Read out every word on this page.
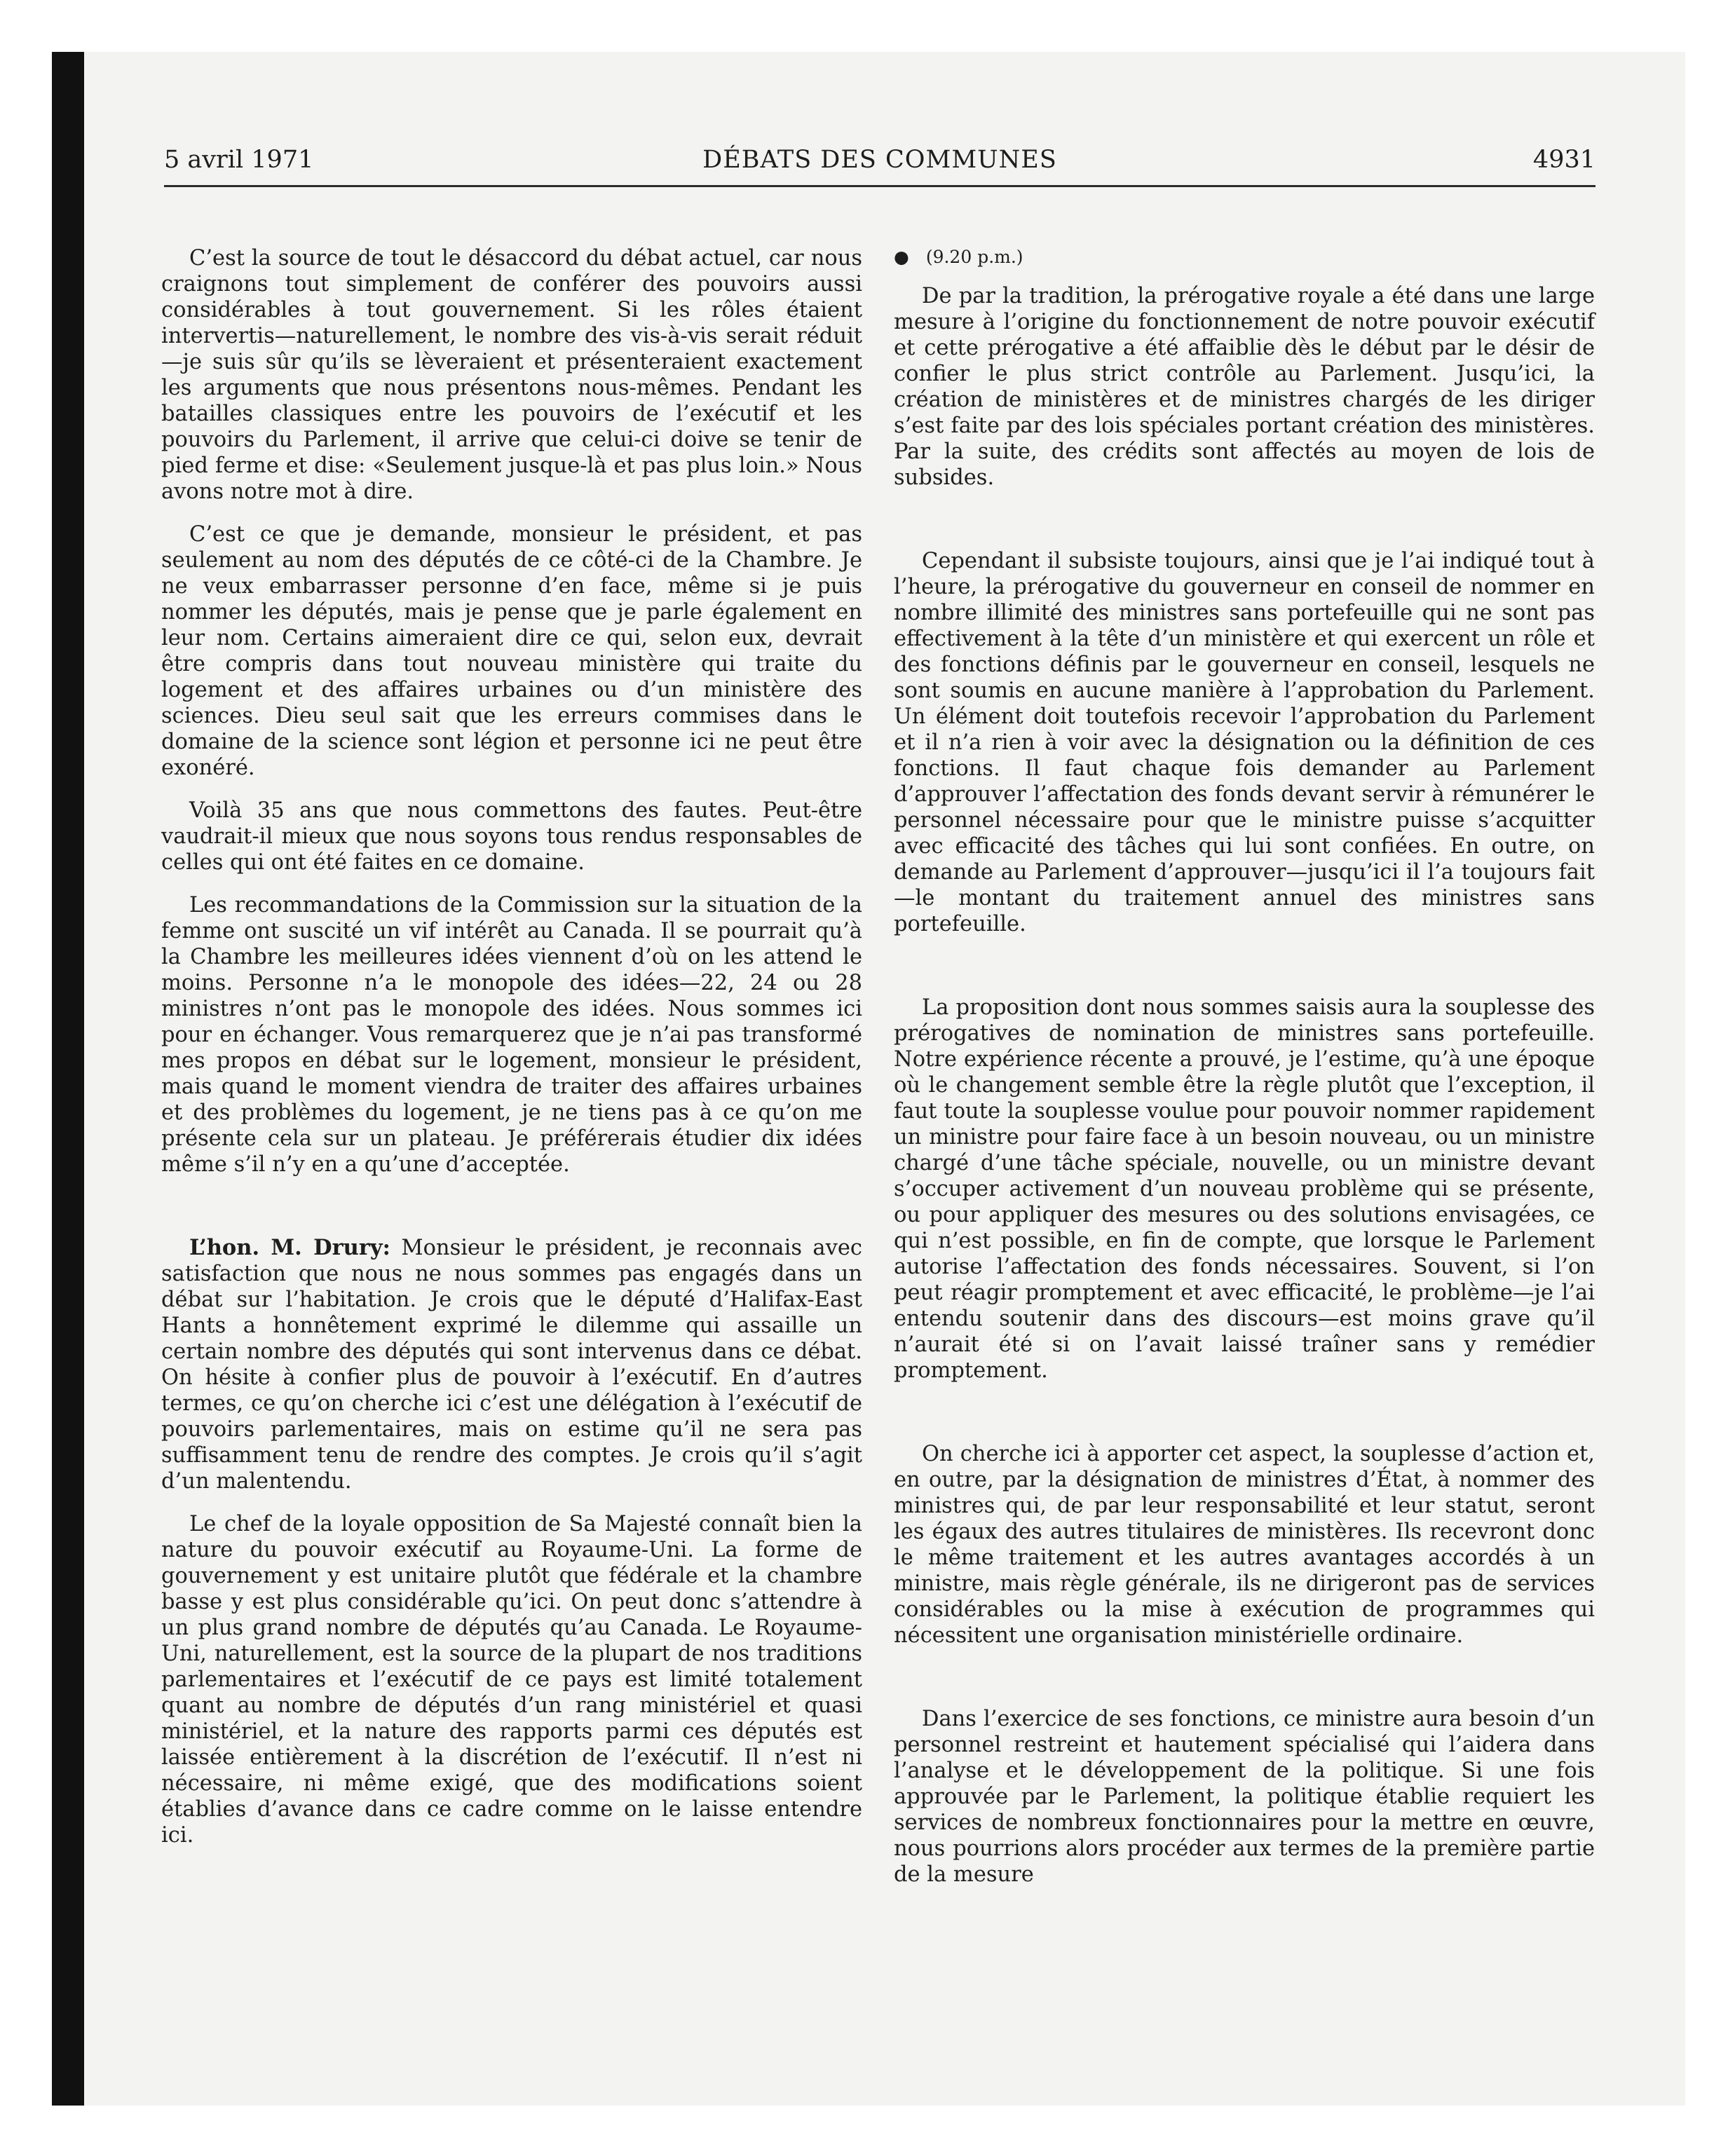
5 avril 1971	DÉBATS DES COMMUNES	4931

C’est la source de tout le désaccord du débat actuel, car nous craignons tout simplement de conférer des pouvoirs aussi considérables à tout gouvernement. Si les rôles étaient intervertis—naturellement, le nombre des vis-à-vis serait réduit—je suis sûr qu’ils se lèveraient et présenteraient exactement les arguments que nous présentons nous-mêmes. Pendant les batailles classiques entre les pouvoirs de l’exécutif et les pouvoirs du Parlement, il arrive que celui-ci doive se tenir de pied ferme et dise: «Seulement jusque-là et pas plus loin.» Nous avons notre mot à dire.

C’est ce que je demande, monsieur le président, et pas seulement au nom des députés de ce côté-ci de la Chambre. Je ne veux embarrasser personne d’en face, même si je puis nommer les députés, mais je pense que je parle également en leur nom. Certains aimeraient dire ce qui, selon eux, devrait être compris dans tout nouveau ministère qui traite du logement et des affaires urbaines ou d’un ministère des sciences. Dieu seul sait que les erreurs commises dans le domaine de la science sont légion et personne ici ne peut être exonéré.

Voilà 35 ans que nous commettons des fautes. Peut-être vaudrait-il mieux que nous soyons tous rendus responsables de celles qui ont été faites en ce domaine.

Les recommandations de la Commission sur la situation de la femme ont suscité un vif intérêt au Canada. Il se pourrait qu’à la Chambre les meilleures idées viennent d’où on les attend le moins. Personne n’a le monopole des idées—22, 24 ou 28 ministres n’ont pas le monopole des idées. Nous sommes ici pour en échanger. Vous remarquerez que je n’ai pas transformé mes propos en débat sur le logement, monsieur le président, mais quand le moment viendra de traiter des affaires urbaines et des problèmes du logement, je ne tiens pas à ce qu’on me présente cela sur un plateau. Je préférerais étudier dix idées même s’il n’y en a qu’une d’acceptée.

L’hon. M. Drury: Monsieur le président, je reconnais avec satisfaction que nous ne nous sommes pas engagés dans un débat sur l’habitation. Je crois que le député d’Halifax-East Hants a honnêtement exprimé le dilemme qui assaille un certain nombre des députés qui sont intervenus dans ce débat. On hésite à confier plus de pouvoir à l’exécutif. En d’autres termes, ce qu’on cherche ici c’est une délégation à l’exécutif de pouvoirs parlementaires, mais on estime qu’il ne sera pas suffisamment tenu de rendre des comptes. Je crois qu’il s’agit d’un malentendu.

Le chef de la loyale opposition de Sa Majesté connaît bien la nature du pouvoir exécutif au Royaume-Uni. La forme de gouvernement y est unitaire plutôt que fédérale et la chambre basse y est plus considérable qu’ici. On peut donc s’attendre à un plus grand nombre de députés qu’au Canada. Le Royaume-Uni, naturellement, est la source de la plupart de nos traditions parlementaires et l’exécutif de ce pays est limité totalement quant au nombre de députés d’un rang ministériel et quasi ministériel, et la nature des rapports parmi ces députés est laissée entièrement à la discrétion de l’exécutif. Il n’est ni nécessaire, ni même exigé, que des modifications soient établies d’avance dans ce cadre comme on le laisse entendre ici.

● (9.20 p.m.)

De par la tradition, la prérogative royale a été dans une large mesure à l’origine du fonctionnement de notre pouvoir exécutif et cette prérogative a été affaiblie dès le début par le désir de confier le plus strict contrôle au Parlement. Jusqu’ici, la création de ministères et de ministres chargés de les diriger s’est faite par des lois spéciales portant création des ministères. Par la suite, des crédits sont affectés au moyen de lois de subsides.

Cependant il subsiste toujours, ainsi que je l’ai indiqué tout à l’heure, la prérogative du gouverneur en conseil de nommer en nombre illimité des ministres sans portefeuille qui ne sont pas effectivement à la tête d’un ministère et qui exercent un rôle et des fonctions définis par le gouverneur en conseil, lesquels ne sont soumis en aucune manière à l’approbation du Parlement. Un élément doit toutefois recevoir l’approbation du Parlement et il n’a rien à voir avec la désignation ou la définition de ces fonctions. Il faut chaque fois demander au Parlement d’approuver l’affectation des fonds devant servir à rémunérer le personnel nécessaire pour que le ministre puisse s’acquitter avec efficacité des tâches qui lui sont confiées. En outre, on demande au Parlement d’approuver—jusqu’ici il l’a toujours fait—le montant du traitement annuel des ministres sans portefeuille.

La proposition dont nous sommes saisis aura la souplesse des prérogatives de nomination de ministres sans portefeuille. Notre expérience récente a prouvé, je l’estime, qu’à une époque où le changement semble être la règle plutôt que l’exception, il faut toute la souplesse voulue pour pouvoir nommer rapidement un ministre pour faire face à un besoin nouveau, ou un ministre chargé d’une tâche spéciale, nouvelle, ou un ministre devant s’occuper activement d’un nouveau problème qui se présente, ou pour appliquer des mesures ou des solutions envisagées, ce qui n’est possible, en fin de compte, que lorsque le Parlement autorise l’affectation des fonds nécessaires. Souvent, si l’on peut réagir promptement et avec efficacité, le problème—je l’ai entendu soutenir dans des discours—est moins grave qu’il n’aurait été si on l’avait laissé traîner sans y remédier promptement.

On cherche ici à apporter cet aspect, la souplesse d’action et, en outre, par la désignation de ministres d’État, à nommer des ministres qui, de par leur responsabilité et leur statut, seront les égaux des autres titulaires de ministères. Ils recevront donc le même traitement et les autres avantages accordés à un ministre, mais règle générale, ils ne dirigeront pas de services considérables ou la mise à exécution de programmes qui nécessitent une organisation ministérielle ordinaire.

Dans l’exercice de ses fonctions, ce ministre aura besoin d’un personnel restreint et hautement spécialisé qui l’aidera dans l’analyse et le développement de la politique. Si une fois approuvée par le Parlement, la politique établie requiert les services de nombreux fonctionnaires pour la mettre en œuvre, nous pourrions alors procéder aux termes de la première partie de la mesure
